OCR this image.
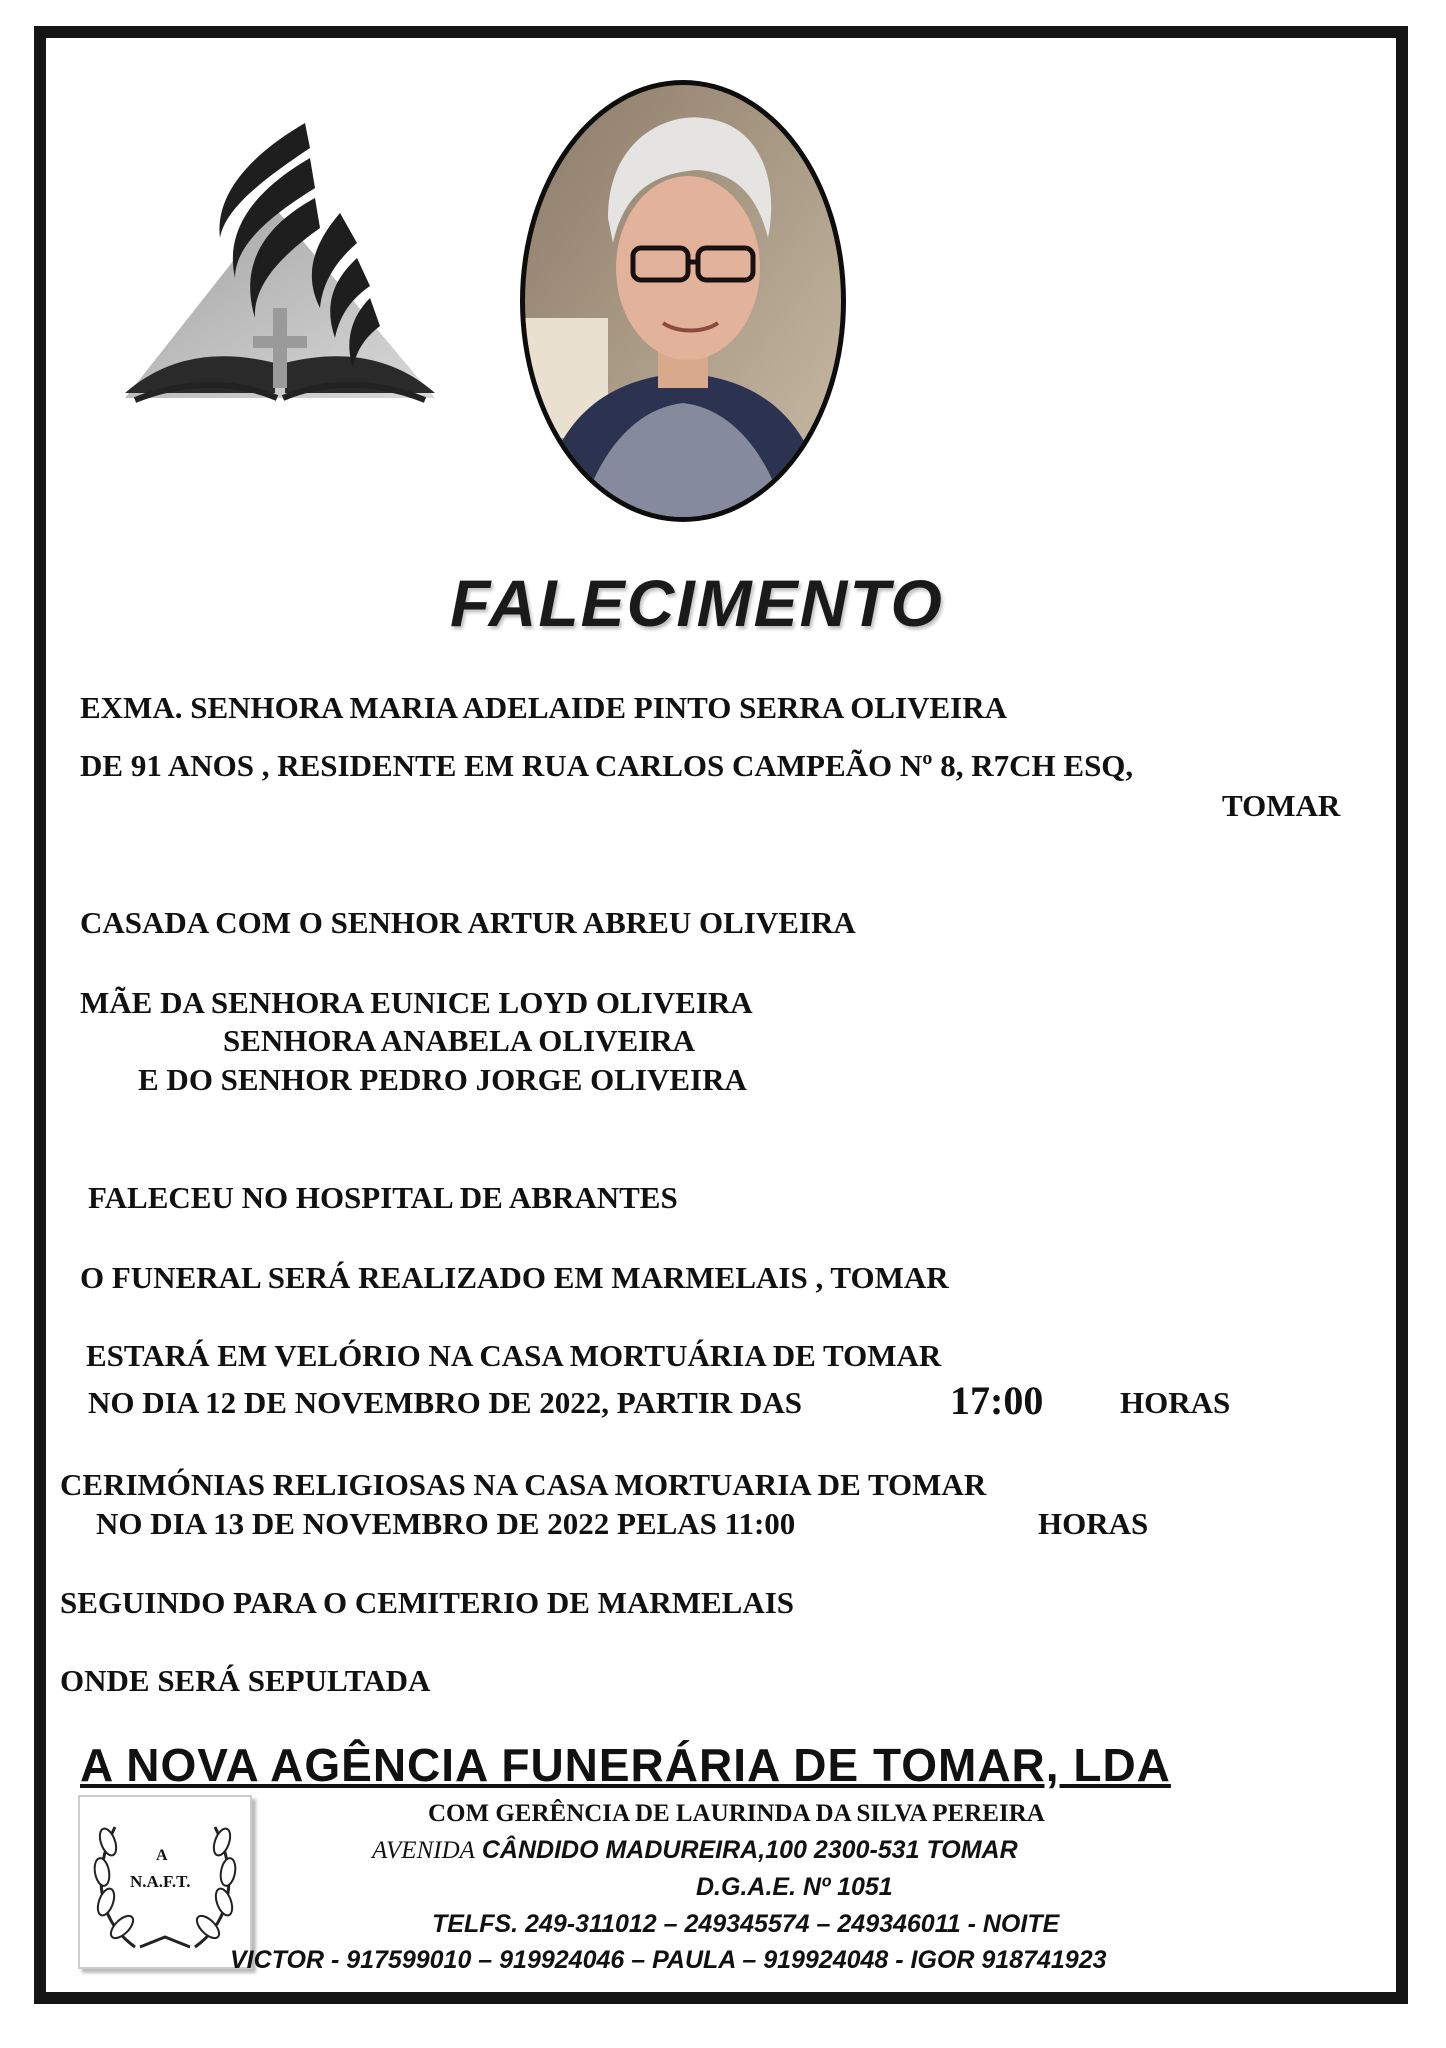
FALECIMENTO
EXMA. SENHORA MARIA ADELAIDE PINTO SERRA OLIVEIRA
DE 91 ANOS , RESIDENTE EM RUA CARLOS CAMPEÃO Nº 8, R7CH ESQ,
TOMAR
CASADA COM O SENHOR ARTUR ABREU OLIVEIRA
MÃE DA SENHORA EUNICE LOYD OLIVEIRA
SENHORA ANABELA OLIVEIRA
E DO SENHOR PEDRO JORGE OLIVEIRA
FALECEU NO HOSPITAL DE ABRANTES
O FUNERAL SERÁ REALIZADO EM MARMELAIS , TOMAR
ESTARÁ EM VELÓRIO NA CASA MORTUÁRIA DE TOMAR
NO DIA 12 DE NOVEMBRO DE 2022, PARTIR DAS	17:00 HORAS
CERIMÓNIAS RELIGIOSAS NA CASA MORTUARIA DE TOMAR
NO DIA 13 DE NOVEMBRO DE 2022 PELAS 11:00	HORAS
SEGUINDO PARA O CEMITERIO DE MARMELAIS
ONDE SERÁ SEPULTADA
A NOVA AGÊNCIA FUNERÁRIA DE TOMAR, LDA
A
N.A.F.T.
COM GERÊNCIA DE LAURINDA DA SILVA PEREIRA
AVENIDA CÂNDIDO MADUREIRA,100 2300-531 TOMAR
D.G.A.E. Nº 1051
TELFS. 249-311012 – 249345574 – 249346011 - NOITE
VICTOR - 917599010 – 919924046 – PAULA – 919924048 - IGOR 918741923
